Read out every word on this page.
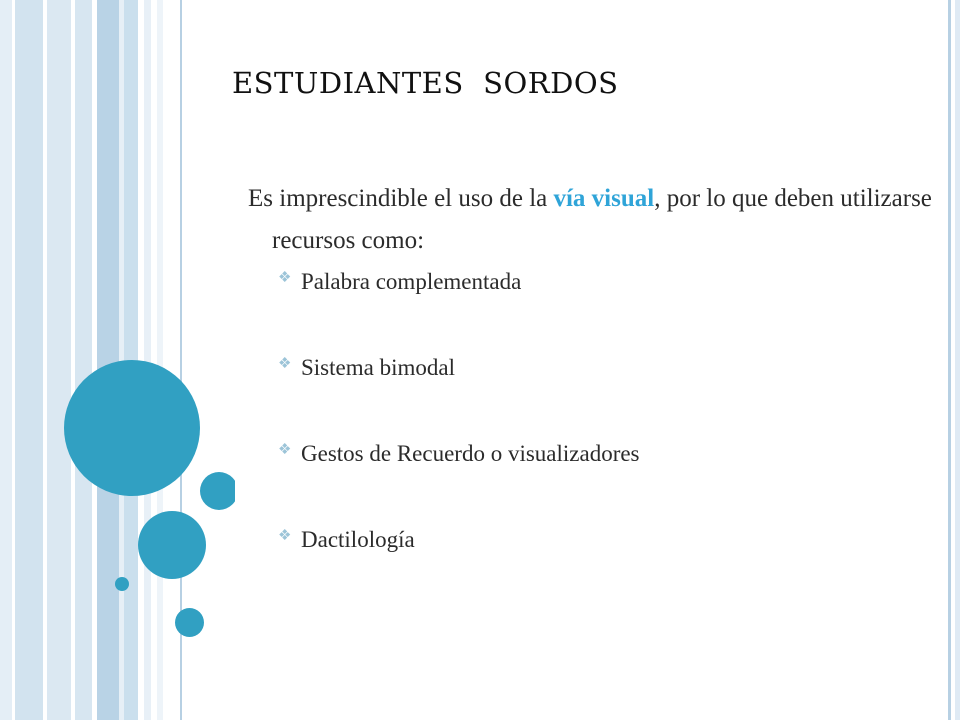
ESTUDIANTES  SORDOS

Es imprescindible el uso de la vía visual, por lo que deben utilizarse recursos como:

❖ Palabra complementada
❖ Sistema bimodal
❖ Gestos de Recuerdo o visualizadores
❖ Dactilología
